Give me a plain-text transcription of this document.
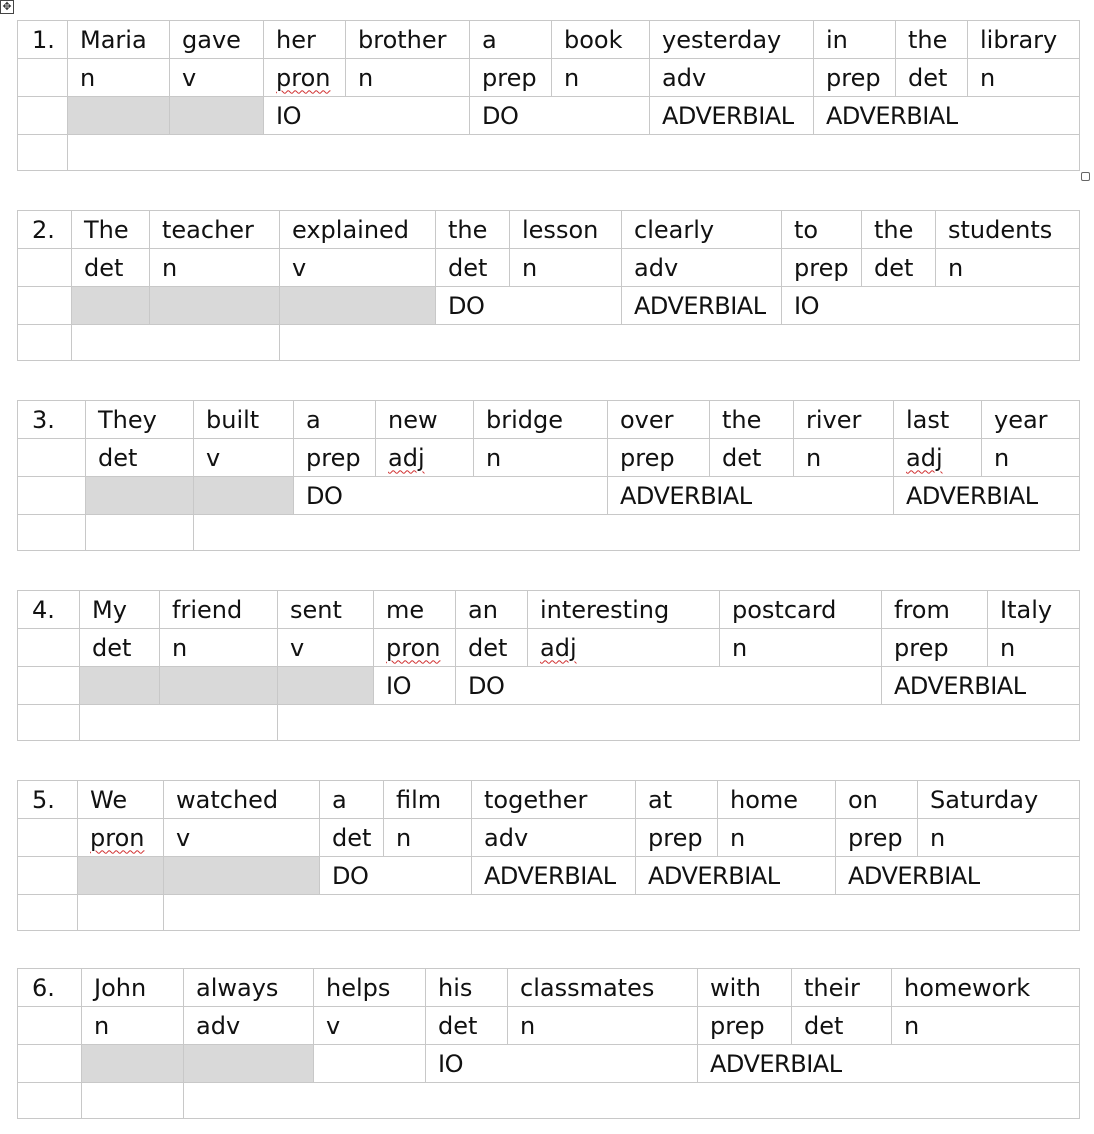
✥
1.	Maria	gave	her	brother	a	book	yesterday	in	the	library
	n	v	pron	n	prep	n	adv	prep	det	n
			IO		DO		ADVERBIAL	ADVERBIAL		

2.	The	teacher	explained	the	lesson	clearly	to	the	students
	det	n	v	det	n	adv	prep	det	n
				DO		ADVERBIAL	IO		

3.	They	built	a	new	bridge	over	the	river	last	year
	det	v	prep	adj	n	prep	det	n	adj	n
			DO			ADVERBIAL			ADVERBIAL	

4.	My	friend	sent	me	an	interesting	postcard	from	Italy
	det	n	v	pron	det	adj	n	prep	n
				IO	DO			ADVERBIAL	

5.	We	watched	a	film	together	at	home	on	Saturday
	pron	v	det	n	adv	prep	n	prep	n
			DO		ADVERBIAL	ADVERBIAL		ADVERBIAL	

6.	John	always	helps	his	classmates	with	their	homework
	n	adv	v	det	n	prep	det	n
				IO		ADVERBIAL		
